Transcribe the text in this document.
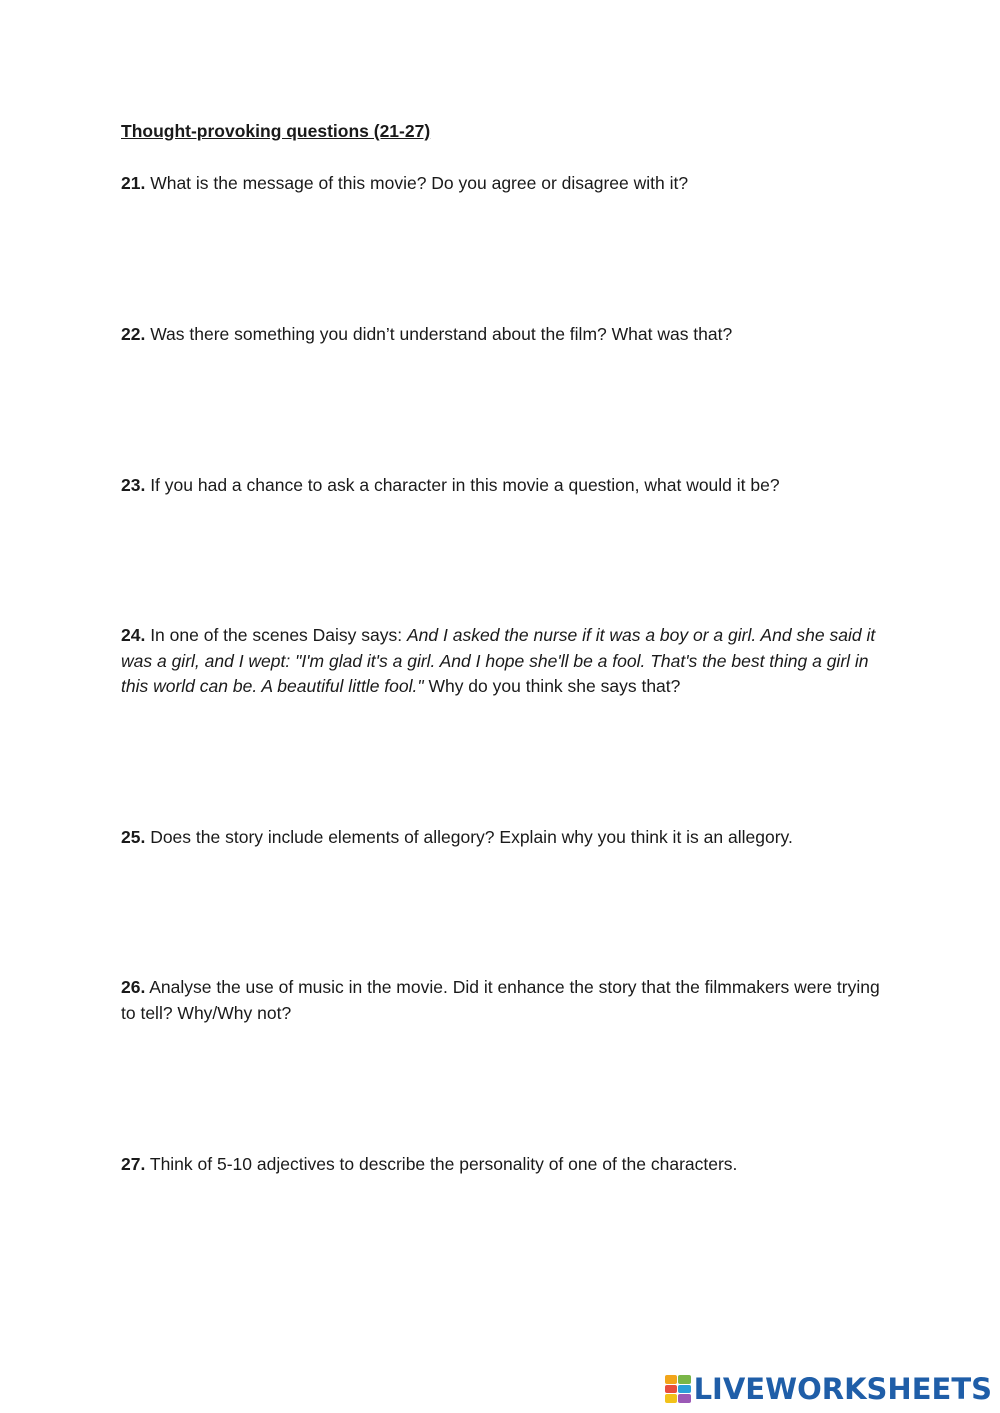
Thought-provoking questions (21-27)
21. What is the message of this movie? Do you agree or disagree with it?
22. Was there something you didn’t understand about the film? What was that?
23. If you had a chance to ask a character in this movie a question, what would it be?
24. In one of the scenes Daisy says: And I asked the nurse if it was a boy or a girl. And she said it was a girl, and I wept: "I'm glad it's a girl. And I hope she'll be a fool. That's the best thing a girl in this world can be. A beautiful little fool." Why do you think she says that?
25. Does the story include elements of allegory? Explain why you think it is an allegory.
26. Analyse the use of music in the movie. Did it enhance the story that the filmmakers were trying to tell? Why/Why not?
27. Think of 5-10 adjectives to describe the personality of one of the characters.
LIVEWORKSHEETS
